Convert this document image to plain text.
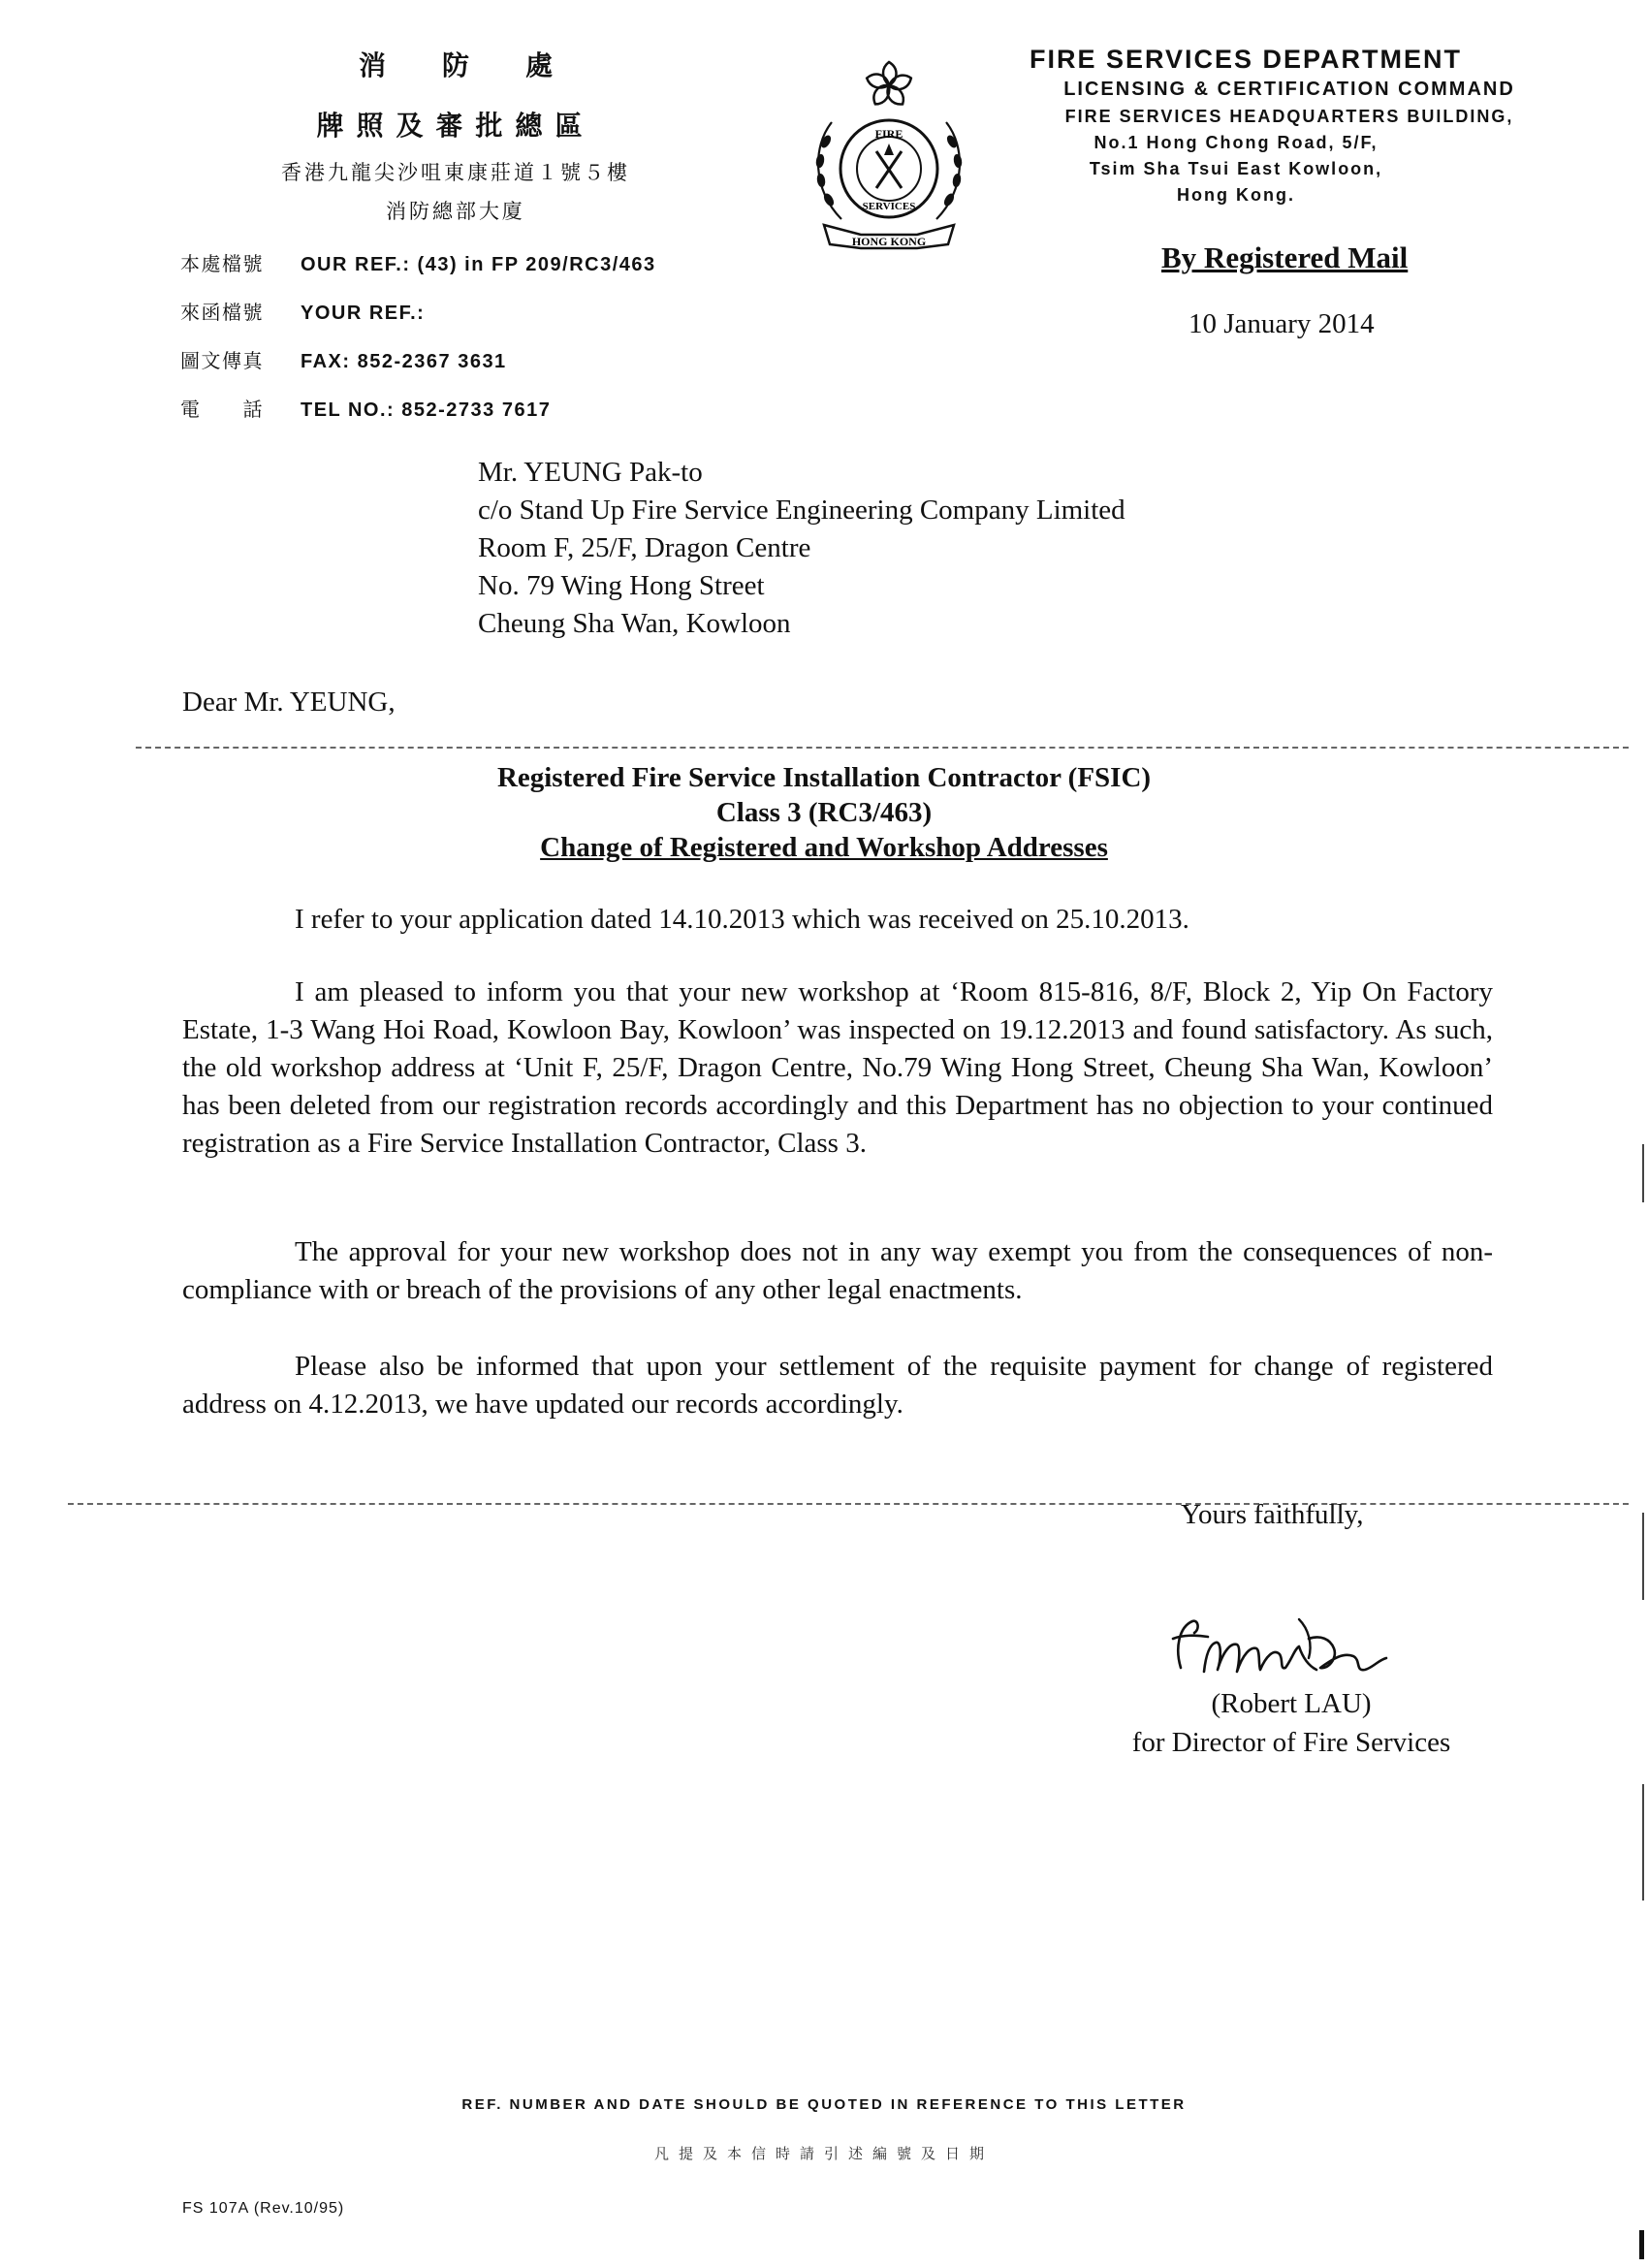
消防處
牌照及審批總區
香港九龍尖沙咀東康莊道１號５樓
消防總部大廈
FIRE
SERVICES
HONG KONG
FIRE SERVICES DEPARTMENT
LICENSING & CERTIFICATION COMMAND
FIRE SERVICES HEADQUARTERS BUILDING,
No.1 Hong Chong Road, 5/F,
Tsim Sha Tsui East Kowloon,
Hong Kong.
本處檔號 OUR REF.: (43) in FP 209/RC3/463
來函檔號 YOUR REF.:
圖文傳真 FAX: 852-2367 3631
電　　話 TEL NO.: 852-2733 7617
By Registered Mail
10 January 2014
Mr. YEUNG Pak-to
c/o Stand Up Fire Service Engineering Company Limited
Room F, 25/F, Dragon Centre
No. 79 Wing Hong Street
Cheung Sha Wan, Kowloon
Dear Mr. YEUNG,
Registered Fire Service Installation Contractor (FSIC)
Class 3 (RC3/463)
Change of Registered and Workshop Addresses

I refer to your application dated 14.10.2013 which was received on 25.10.2013.

I am pleased to inform you that your new workshop at ‘Room 815-816, 8/F, Block 2, Yip On Factory Estate, 1-3 Wang Hoi Road, Kowloon Bay, Kowloon’ was inspected on 19.12.2013 and found satisfactory. As such, the old workshop address at ‘Unit F, 25/F, Dragon Centre, No.79 Wing Hong Street, Cheung Sha Wan, Kowloon’ has been deleted from our registration records accordingly and this Department has no objection to your continued registration as a Fire Service Installation Contractor, Class 3.

The approval for your new workshop does not in any way exempt you from the consequences of non-compliance with or breach of the provisions of any other legal enactments.

Please also be informed that upon your settlement of the requisite payment for change of registered address on 4.12.2013, we have updated our records accordingly.

Yours faithfully,
(Robert LAU)
for Director of Fire Services
REF. NUMBER AND DATE SHOULD BE QUOTED IN REFERENCE TO THIS LETTER
凡提及本信時請引述編號及日期
FS 107A (Rev.10/95)
